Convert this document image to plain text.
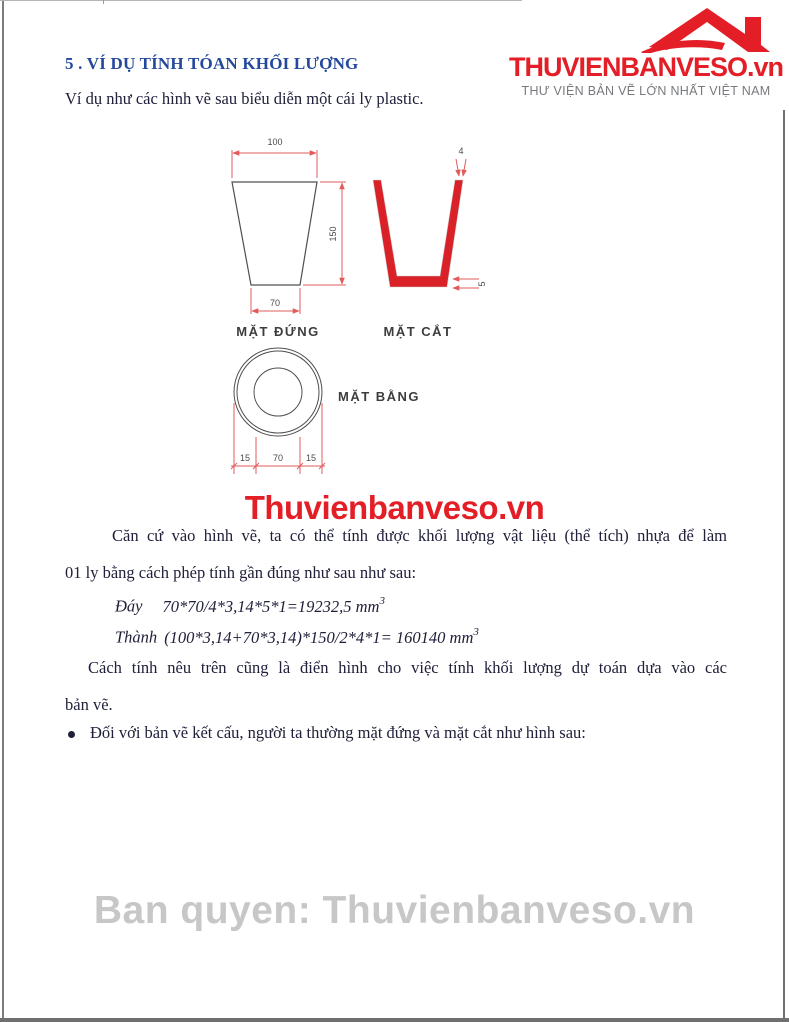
5 . VÍ DỤ TÍNH TÓAN KHỐI LƯỢNG	THUVIENBANVESO.vn
THƯ VIỆN BẢN VẼ LỚN NHẤT VIỆT NAM
Ví dụ như các hình vẽ sau biểu diễn một cái ly plastic.
100
150
70
MẶT ĐỨNG
4
5
MẶT CẮT
15	70	15
MẶT BẰNG
Thuvienbanveso.vn
Căn cứ vào hình vẽ, ta có thể tính được khối lượng vật liệu (thể tích) nhựa để làm
01 ly bằng cách phép tính gần đúng như sau như sau:
Đáy 70*70/4*3,14*5*1=19232,5 $mm^3$
Thành (100*3,14+70*3,14)*150/2*4*1= 160140 $mm^3$
Cách tính nêu trên cũng là điển hình cho việc tính khối lượng dự toán dựa vào các
bản vẽ.
Đối với bản vẽ kết cấu, người ta thường mặt đứng và mặt cắt như hình sau:
Ban quyen: Thuvienbanveso.vn
